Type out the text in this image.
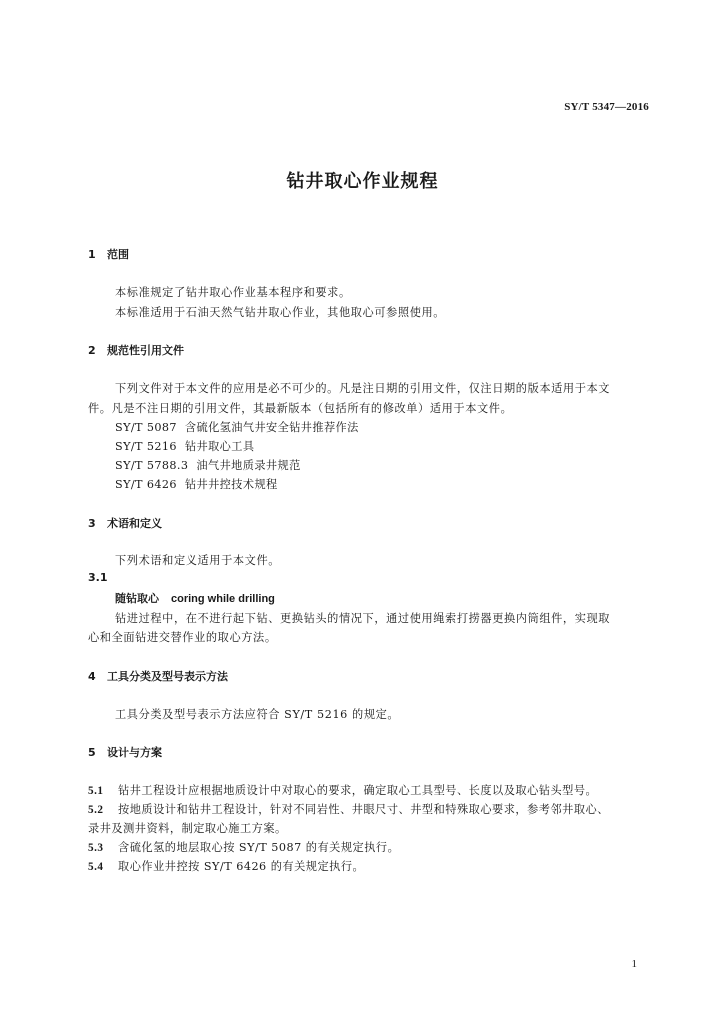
SY/T 5347—2016
钻井取心作业规程
1 范围
本标准规定了钻井取心作业基本程序和要求。
本标准适用于石油天然气钻井取心作业，其他取心可参照使用。
2 规范性引用文件
下列文件对于本文件的应用是必不可少的。凡是注日期的引用文件，仅注日期的版本适用于本文
件。凡是不注日期的引用文件，其最新版本（包括所有的修改单）适用于本文件。
SY/T 5087 含硫化氢油气井安全钻井推荐作法
SY/T 5216 钻井取心工具
SY/T 5788.3 油气井地质录井规范
SY/T 6426 钻井井控技术规程
3 术语和定义
下列术语和定义适用于本文件。
3.1
随钻取心 coring while drilling
钻进过程中，在不进行起下钻、更换钻头的情况下，通过使用绳索打捞器更换内筒组件，实现取
心和全面钻进交替作业的取心方法。
4 工具分类及型号表示方法
工具分类及型号表示方法应符合 SY/T 5216 的规定。
5 设计与方案
5.1 钻井工程设计应根据地质设计中对取心的要求，确定取心工具型号、长度以及取心钻头型号。
5.2 按地质设计和钻井工程设计，针对不同岩性、井眼尺寸、井型和特殊取心要求，参考邻井取心、
录井及测井资料，制定取心施工方案。
5.3 含硫化氢的地层取心按 SY/T 5087 的有关规定执行。
5.4 取心作业井控按 SY/T 6426 的有关规定执行。
1
